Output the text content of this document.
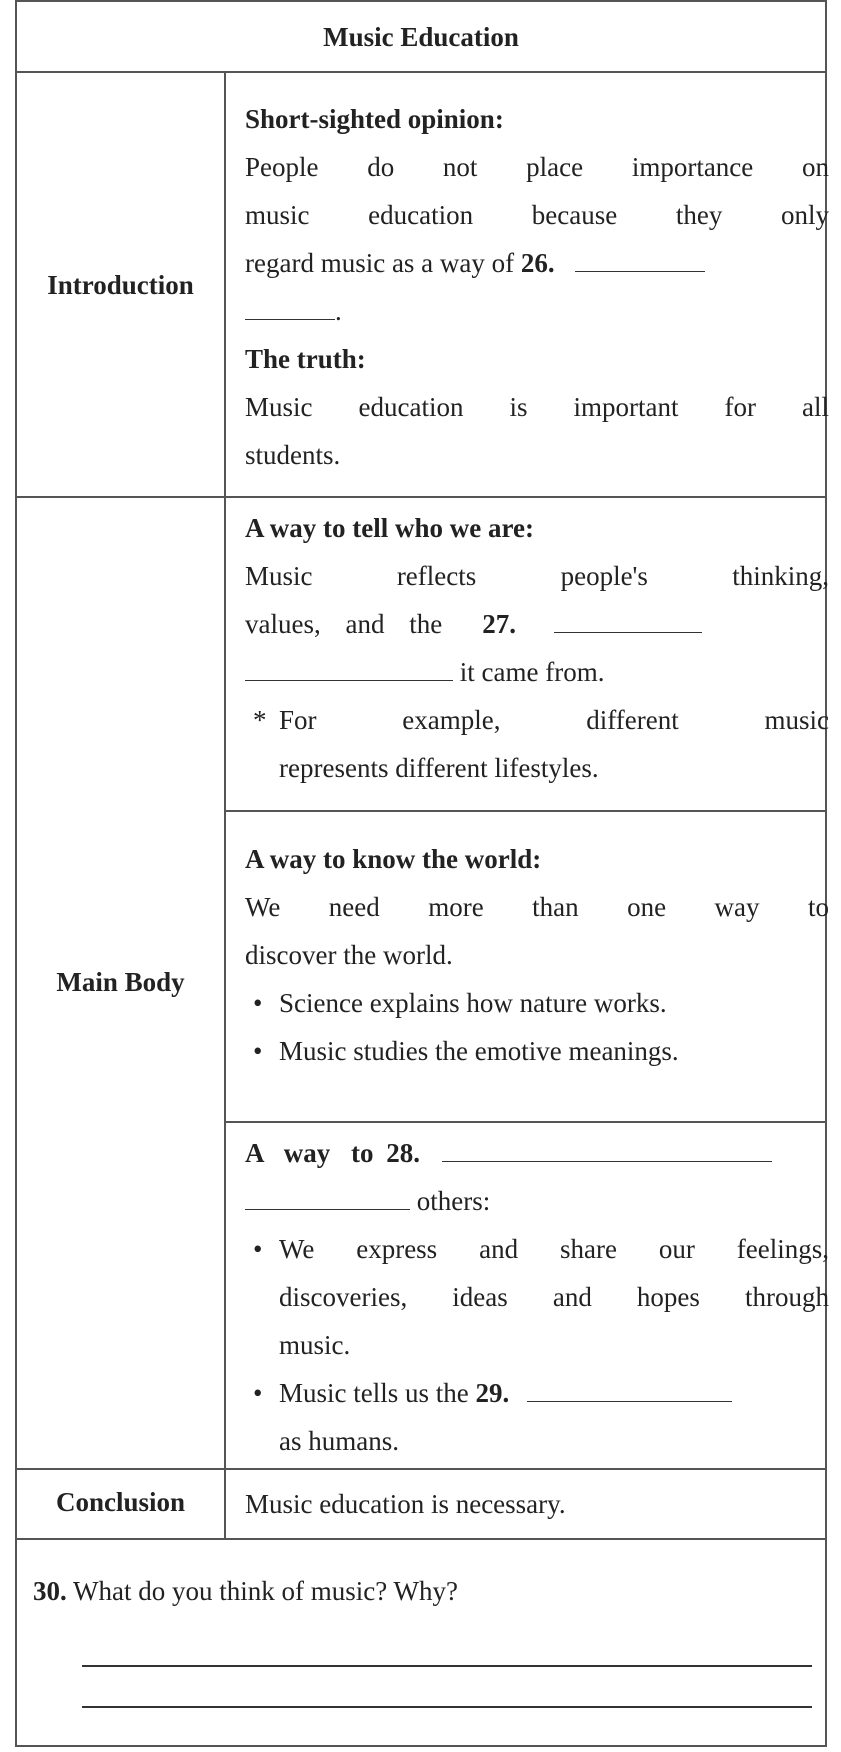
Music Education
Introduction
Main Body
Conclusion
Short-sighted opinion:
People do not place importance on
music education because they only
regard music as a way of 26.
.
The truth:
Music education is important for all
students.
A way to tell who we are:
Music reflects people's thinking,
values, and the 27.
it came from.
* For example, different music
represents different lifestyles.
A way to know the world:
We need more than one way to
discover the world.
• Science explains how nature works.
• Music studies the emotive meanings.
A way to 28.
others:
• We express and share our feelings,
discoveries, ideas and hopes through
music.
• Music tells us the 29.
as humans.
Music education is necessary.
30. What do you think of music? Why?
